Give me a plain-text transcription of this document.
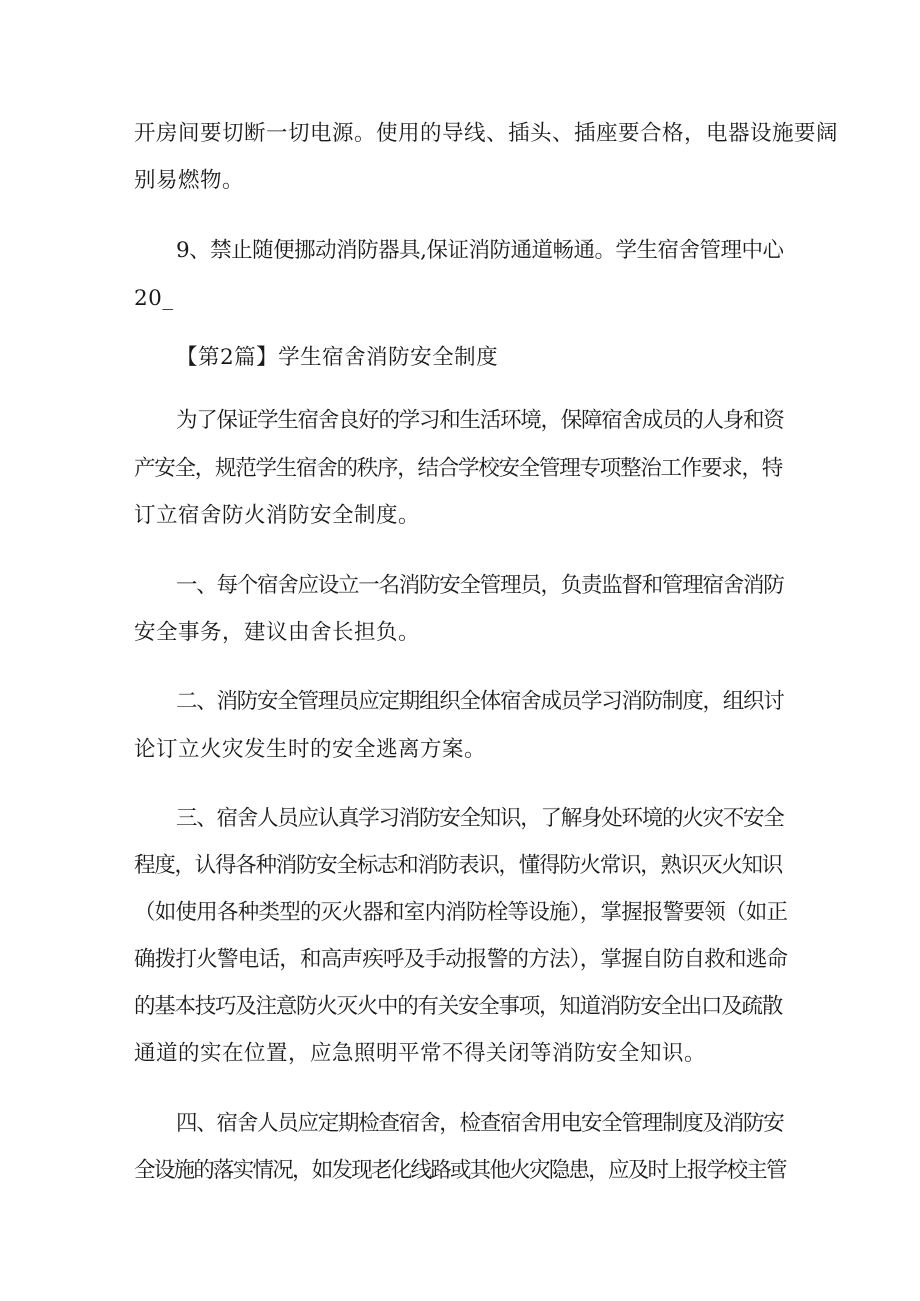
开房间要切断一切电源。使用的导线、插头、插座要合格，电器设施要阔
别易燃物。
9、禁止随便挪动消防器具,保证消防通道畅通。学生宿舍管理中心
20_
【第2篇】学生宿舍消防安全制度
为了保证学生宿舍良好的学习和生活环境，保障宿舍成员的人身和资
产安全，规范学生宿舍的秩序，结合学校安全管理专项整治工作要求，特
订立宿舍防火消防安全制度。
一、每个宿舍应设立一名消防安全管理员，负责监督和管理宿舍消防
安全事务，建议由舍长担负。
二、消防安全管理员应定期组织全体宿舍成员学习消防制度，组织讨
论订立火灾发生时的安全逃离方案。
三、宿舍人员应认真学习消防安全知识，了解身处环境的火灾不安全
程度，认得各种消防安全标志和消防表识，懂得防火常识，熟识灭火知识
（如使用各种类型的灭火器和室内消防栓等设施），掌握报警要领（如正
确拨打火警电话，和高声疾呼及手动报警的方法），掌握自防自救和逃命
的基本技巧及注意防火灭火中的有关安全事项，知道消防安全出口及疏散
通道的实在位置，应急照明平常不得关闭等消防安全知识。
四、宿舍人员应定期检查宿舍，检查宿舍用电安全管理制度及消防安
全设施的落实情况，如发现老化线路或其他火灾隐患，应及时上报学校主管
